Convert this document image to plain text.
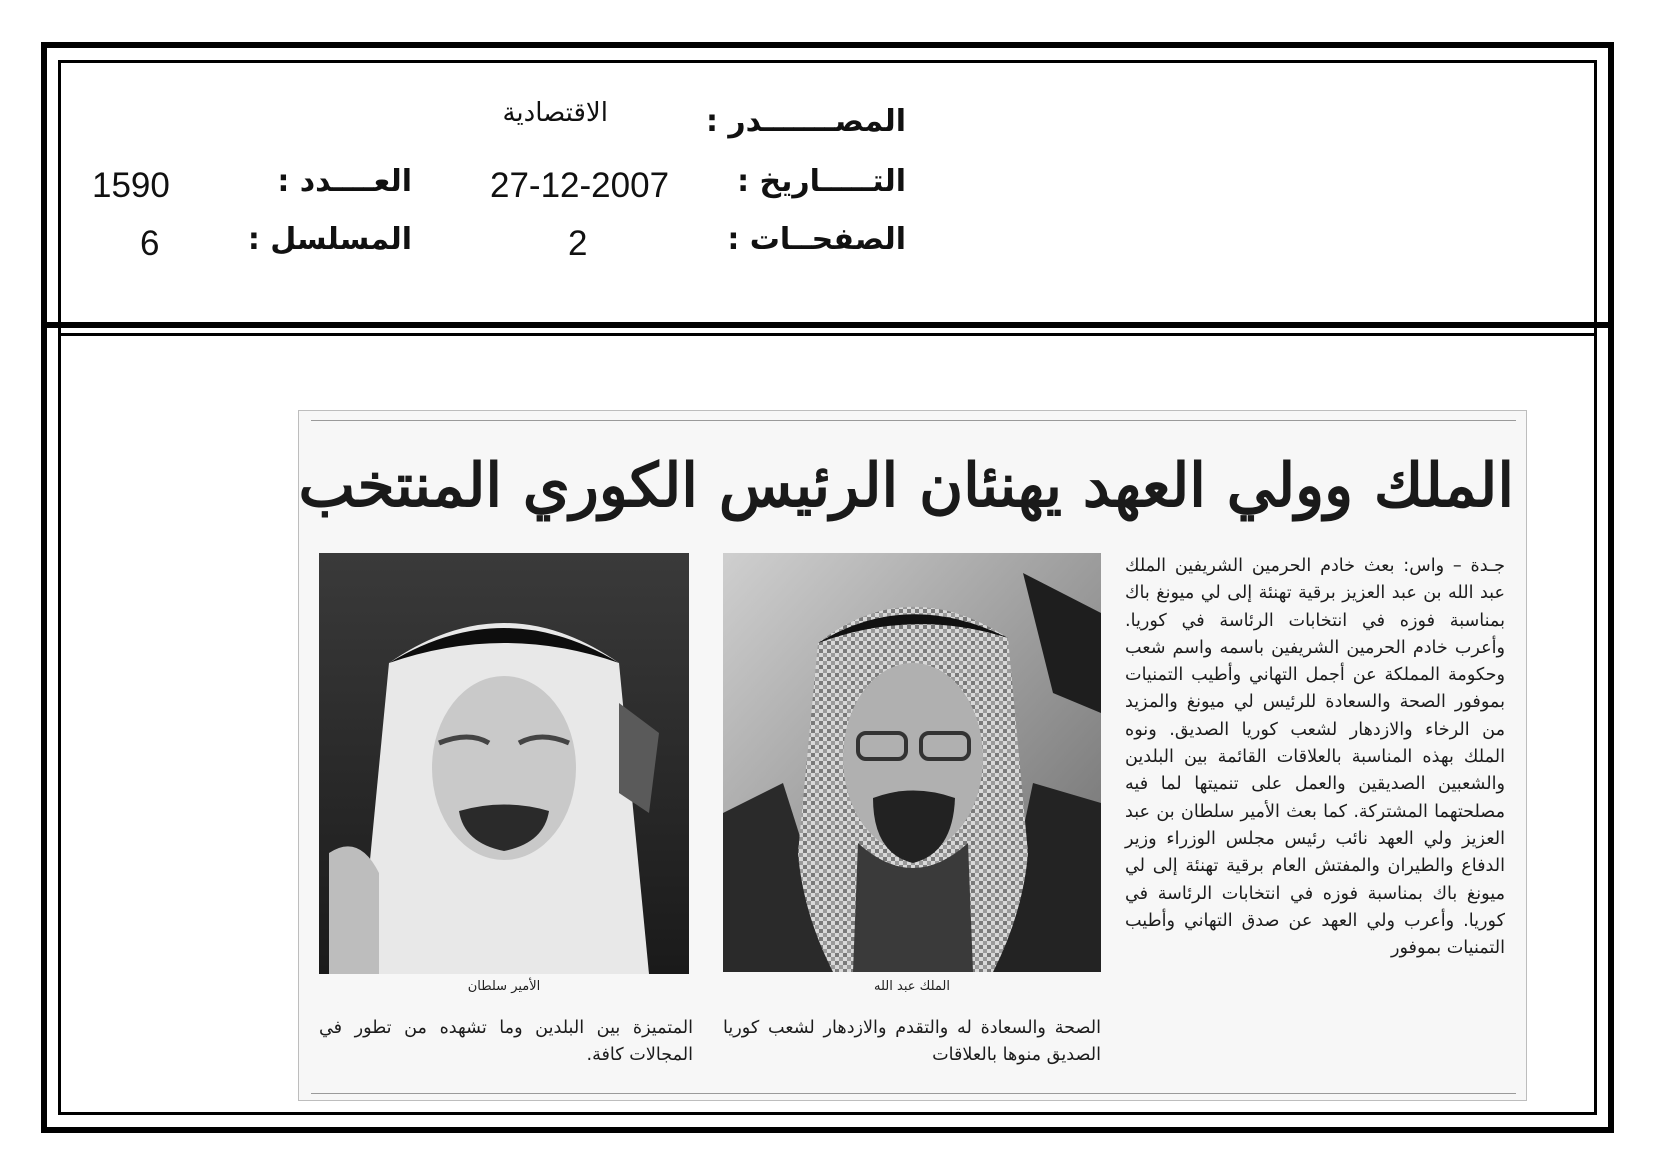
المصـــــــدر :
الاقتصادية
التـــــاريخ :
27-12-2007
العــــدد :
1590
الصفحــات :
2
المسلسل :
6
الملك وولي العهد يهنئان الرئيس الكوري المنتخب
جـدة – واس: بعث خادم الحرمين الشريفين الملك عبد الله بن عبد العزيز برقية تهنئة إلى لي ميونغ باك بمناسبة فوزه في انتخابات الرئاسة في كوريا. وأعرب خادم الحرمين الشريفين باسمه واسم شعب وحكومة المملكة عن أجمل التهاني وأطيب التمنيات بموفور الصحة والسعادة للرئيس لي ميونغ والمزيد من الرخاء والازدهار لشعب كوريا الصديق. ونوه الملك بهذه المناسبة بالعلاقات القائمة بين البلدين والشعبين الصديقين والعمل على تنميتها لما فيه مصلحتهما المشتركة. كما بعث الأمير سلطان بن عبد العزيز ولي العهد نائب رئيس مجلس الوزراء وزير الدفاع والطيران والمفتش العام برقية تهنئة إلى لي ميونغ باك بمناسبة فوزه في انتخابات الرئاسة في كوريا. وأعرب ولي العهد عن صدق التهاني وأطيب التمنيات بموفور
الملك عبد الله
الأمير سلطان
الصحة والسعادة له والتقدم والازدهار لشعب كوريا الصديق منوها بالعلاقات
المتميزة بين البلدين وما تشهده من تطور في المجالات كافة.
